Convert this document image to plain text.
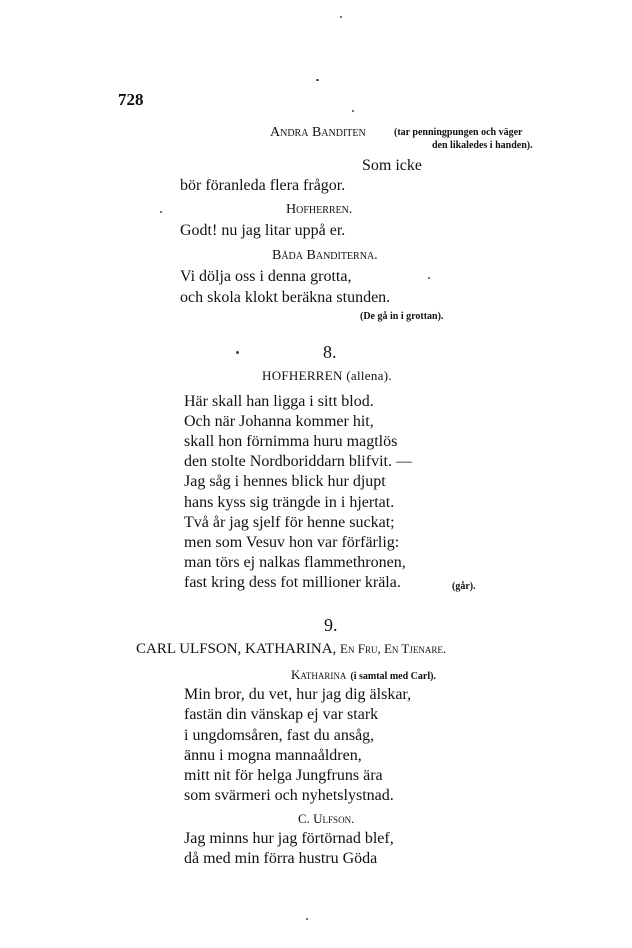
728
Andra Banditen	(tar penningpungen och väger
den likaledes i handen).
Som icke
bör föranleda flera frågor.
Hofherren.
Godt! nu jag litar uppå er.
Båda Banditerna.
Vi dölja oss i denna grotta,
och skola klokt beräkna stunden.
(De gå in i grottan).
8.
HOFHERREN (allena).
Här skall han ligga i sitt blod.
Och när Johanna kommer hit,
skall hon förnimma huru magtlös
den stolte Nordboriddarn blifvit. —
Jag såg i hennes blick hur djupt
hans kyss sig trängde in i hjertat.
Två år jag sjelf för henne suckat;
men som Vesuv hon var förfärlig:
man törs ej nalkas flammethronen,
fast kring dess fot millioner kräla.	(går).
9.
CARL ULFSON, KATHARINA, En Fru, En Tjenare.
Katharina (i samtal med Carl).
Min bror, du vet, hur jag dig älskar,
fastän din vänskap ej var stark
i ungdomsåren, fast du ansåg,
ännu i mogna mannaåldren,
mitt nit för helga Jungfruns ära
som svärmeri och nyhetslystnad.
C. Ulfson.
Jag minns hur jag förtörnad blef,
då med min förra hustru Göda
